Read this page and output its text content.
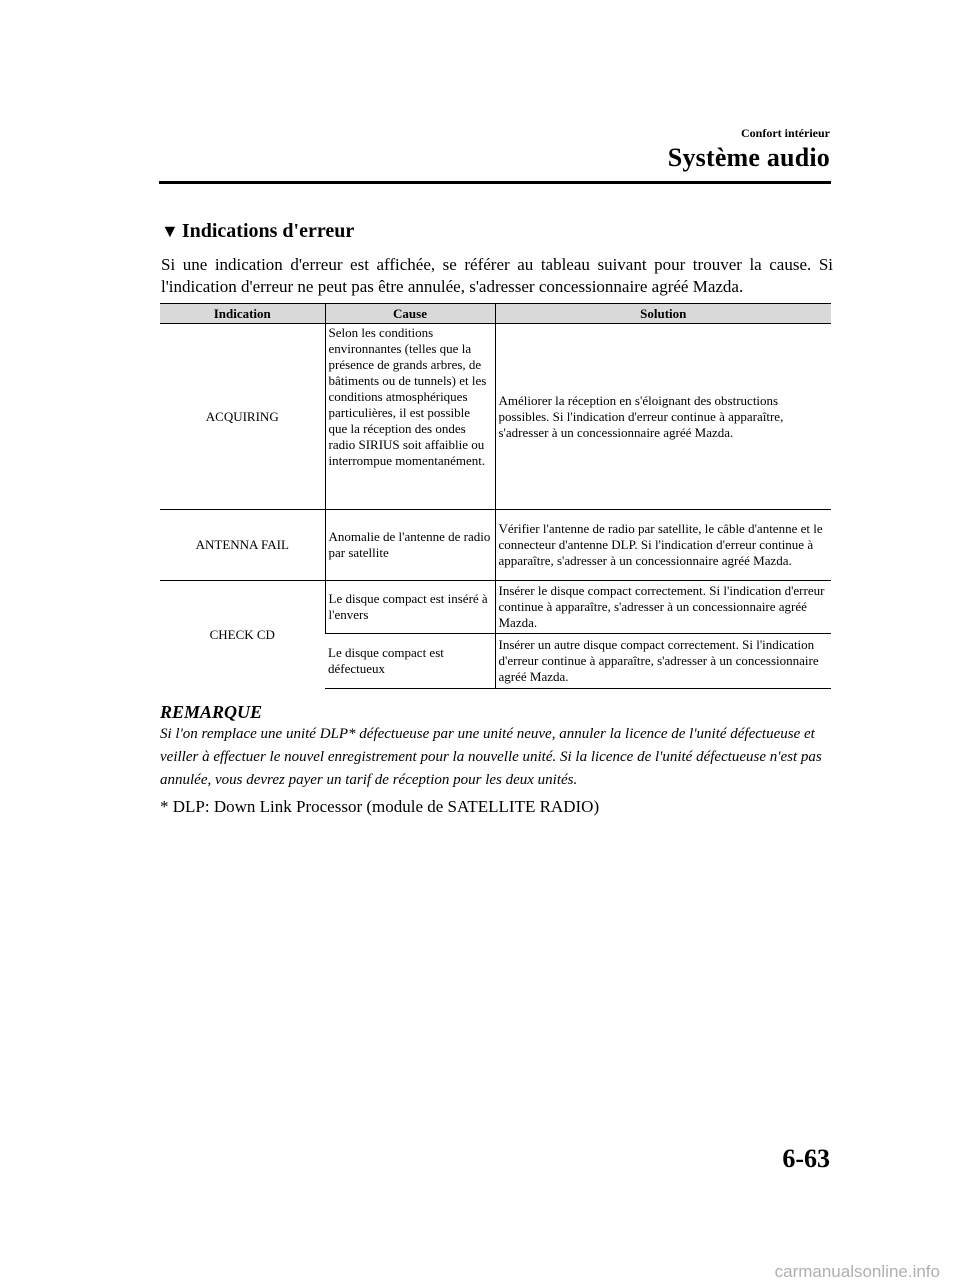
Confort intérieur
Système audio
▼ Indications d'erreur
Si une indication d'erreur est affichée, se référer au tableau suivant pour trouver la cause. Si l'indication d'erreur ne peut pas être annulée, s'adresser concessionnaire agréé Mazda.
Indication	Cause	Solution
ACQUIRING	Selon les conditions environnantes (telles que la présence de grands arbres, de bâtiments ou de tunnels) et les conditions atmosphériques particulières, il est possible que la réception des ondes radio SIRIUS soit affaiblie ou interrompue momentanément.	Améliorer la réception en s'éloignant des obstructions possibles. Si l'indication d'erreur continue à apparaître, s'adresser à un concessionnaire agréé Mazda.
ANTENNA FAIL	Anomalie de l'antenne de radio par satellite	Vérifier l'antenne de radio par satellite, le câble d'antenne et le connecteur d'antenne DLP. Si l'indication d'erreur continue à apparaître, s'adresser à un concessionnaire agréé Mazda.
CHECK CD	Le disque compact est inséré à l'envers	Insérer le disque compact correctement. Si l'indication d'erreur continue à apparaître, s'adresser à un concessionnaire agréé Mazda.
	Le disque compact est défectueux	Insérer un autre disque compact correctement. Si l'indication d'erreur continue à apparaître, s'adresser à un concessionnaire agréé Mazda.
REMARQUE
Si l'on remplace une unité DLP* défectueuse par une unité neuve, annuler la licence de l'unité défectueuse et veiller à effectuer le nouvel enregistrement pour la nouvelle unité. Si la licence de l'unité défectueuse n'est pas annulée, vous devrez payer un tarif de réception pour les deux unités.
* DLP: Down Link Processor (module de SATELLITE RADIO)
6-63
carmanualsonline.info
